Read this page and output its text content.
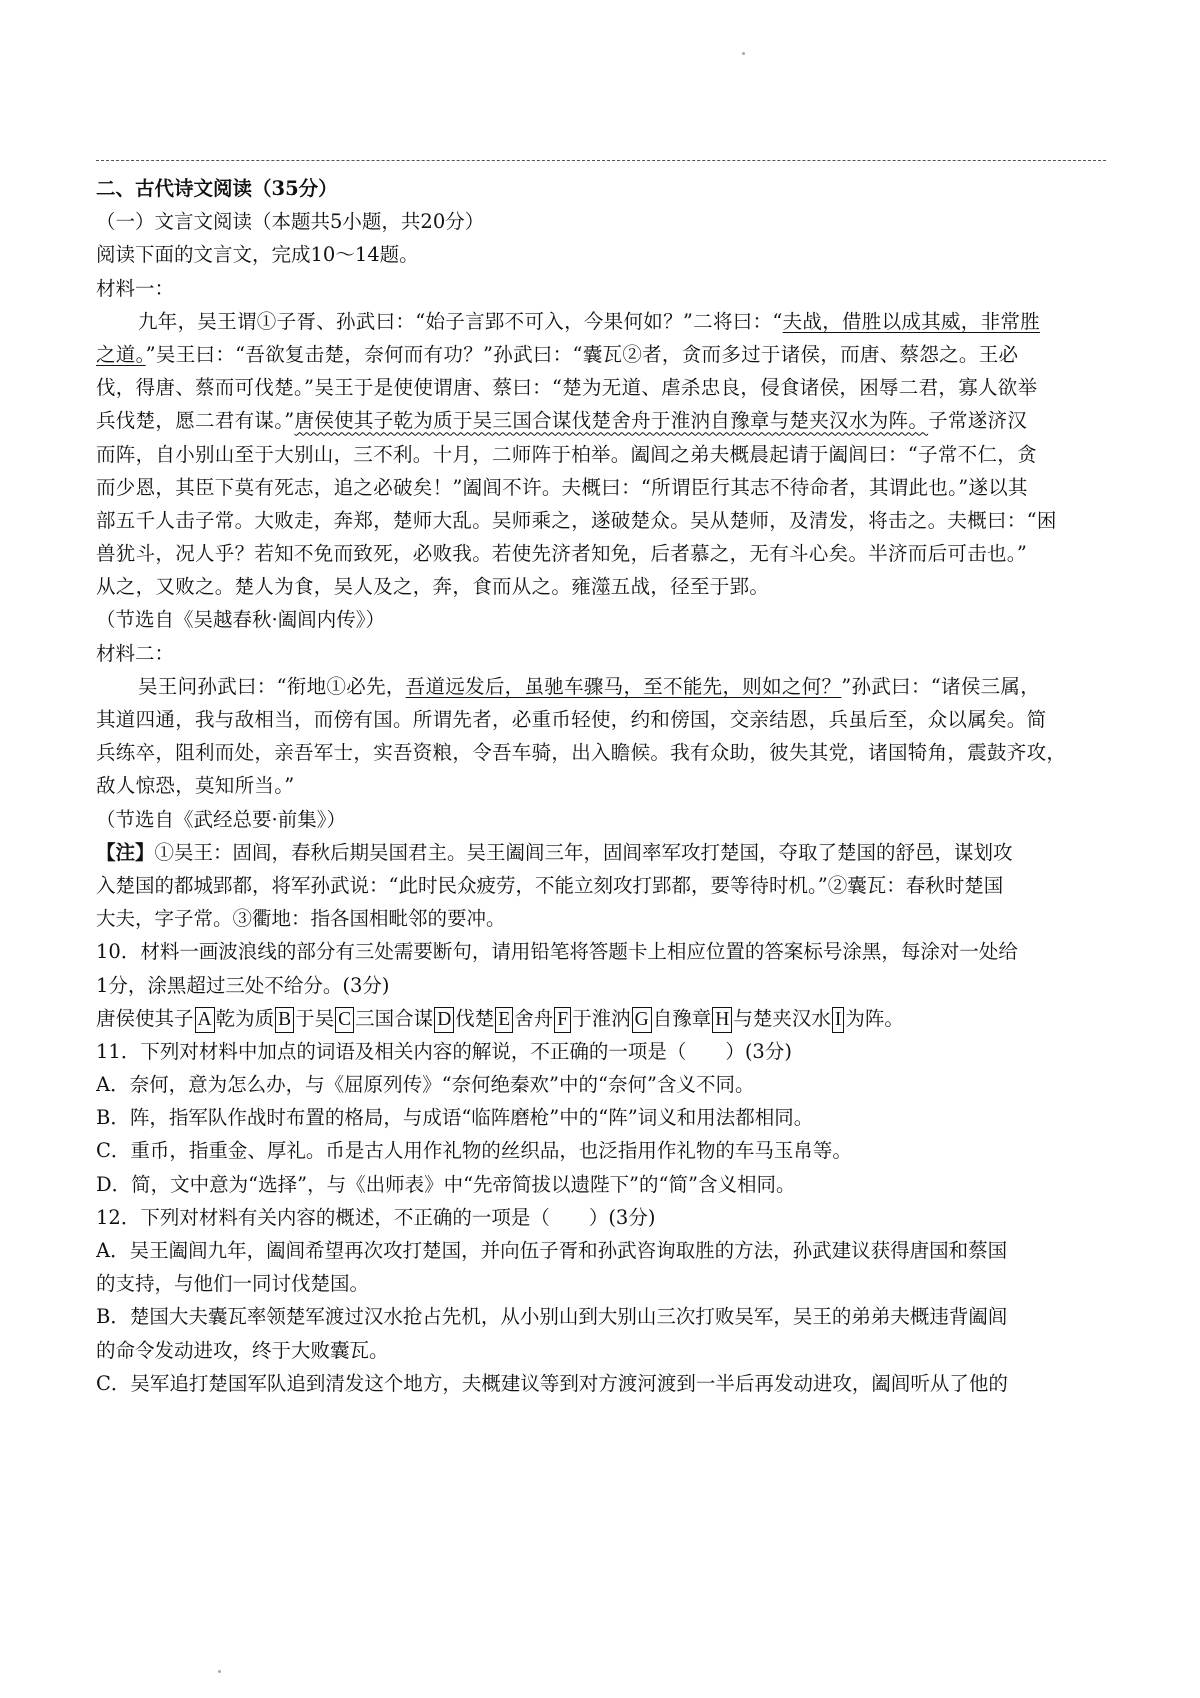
二、古代诗文阅读（35分）
（一）文言文阅读（本题共5小题，共20分）
阅读下面的文言文，完成10～14题。
材料一：
九年，吴王谓①子胥、孙武曰：“始子言郢不可入，今果何如？”二将曰：“夫战，借胜以成其威，非常胜
之道。”吴王曰：“吾欲复击楚，奈何而有功？”孙武曰：“囊瓦②者，贪而多过于诸侯，而唐、蔡怨之。王必
伐，得唐、蔡而可伐楚。”吴王于是使使谓唐、蔡曰：“楚为无道、虐杀忠良，侵食诸侯，困辱二君，寡人欲举
兵伐楚，愿二君有谋。”唐侯使其子乾为质于吴三国合谋伐楚舍舟于淮汭自豫章与楚夹汉水为阵。子常遂济汉
而阵，自小别山至于大别山，三不利。十月，二师阵于柏举。阖闾之弟夫概晨起请于阖闾曰：“子常不仁，贪
而少恩，其臣下莫有死志，追之必破矣！”阖闾不许。夫概曰：“所谓臣行其志不待命者，其谓此也。”遂以其
部五千人击子常。大败走，奔郑，楚师大乱。吴师乘之，遂破楚众。吴从楚师，及清发，将击之。夫概曰：“困
兽犹斗，况人乎？若知不免而致死，必败我。若使先济者知免，后者慕之，无有斗心矣。半济而后可击也。”
从之，又败之。楚人为食，吴人及之，奔，食而从之。雍澨五战，径至于郢。
（节选自《吴越春秋·阖闾内传》）
材料二：
吴王问孙武曰：“衔地①必先，吾道远发后，虽驰车骤马，至不能先，则如之何？”孙武曰：“诸侯三属，
其道四通，我与敌相当，而傍有国。所谓先者，必重币轻使，约和傍国，交亲结恩，兵虽后至，众以属矣。简
兵练卒，阻利而处，亲吾军士，实吾资粮，令吾车骑，出入瞻候。我有众助，彼失其党，诸国犄角，震鼓齐攻，
敌人惊恐，莫知所当。”
（节选自《武经总要·前集》）
【注】①吴王：固闾，春秋后期吴国君主。吴王阖闾三年，固闾率军攻打楚国，夺取了楚国的舒邑，谋划攻
入楚国的都城郢都，将军孙武说：“此时民众疲劳，不能立刻攻打郢都，要等待时机。”②囊瓦：春秋时楚国
大夫，字子常。③衢地：指各国相毗邻的要冲。
10．材料一画波浪线的部分有三处需要断句，请用铅笔将答题卡上相应位置的答案标号涂黑，每涂对一处给
1分，涂黑超过三处不给分。(3分)
唐侯使其子 A 乾为质 B 于吴 C 三国合谋 D 伐楚 E 舍舟 F 于淮汭 G 自豫章 H 与楚夹汉水 I 为阵。
11．下列对材料中加点的词语及相关内容的解说，不正确的一项是（　　）(3分)
A．奈何，意为怎么办，与《屈原列传》“奈何绝秦欢”中的“奈何”含义不同。
B．阵，指军队作战时布置的格局，与成语“临阵磨枪”中的“阵”词义和用法都相同。
C．重币，指重金、厚礼。币是古人用作礼物的丝织品，也泛指用作礼物的车马玉帛等。
D．简，文中意为“选择”，与《出师表》中“先帝简拔以遗陛下”的“简”含义相同。
12．下列对材料有关内容的概述，不正确的一项是（　　）(3分)
A．吴王阖闾九年，阖闾希望再次攻打楚国，并向伍子胥和孙武咨询取胜的方法，孙武建议获得唐国和蔡国
的支持，与他们一同讨伐楚国。
B．楚国大夫囊瓦率领楚军渡过汉水抢占先机，从小别山到大别山三次打败吴军，吴王的弟弟夫概违背阖闾
的命令发动进攻，终于大败囊瓦。
C．吴军追打楚国军队追到清发这个地方，夫概建议等到对方渡河渡到一半后再发动进攻，阖闾听从了他的
